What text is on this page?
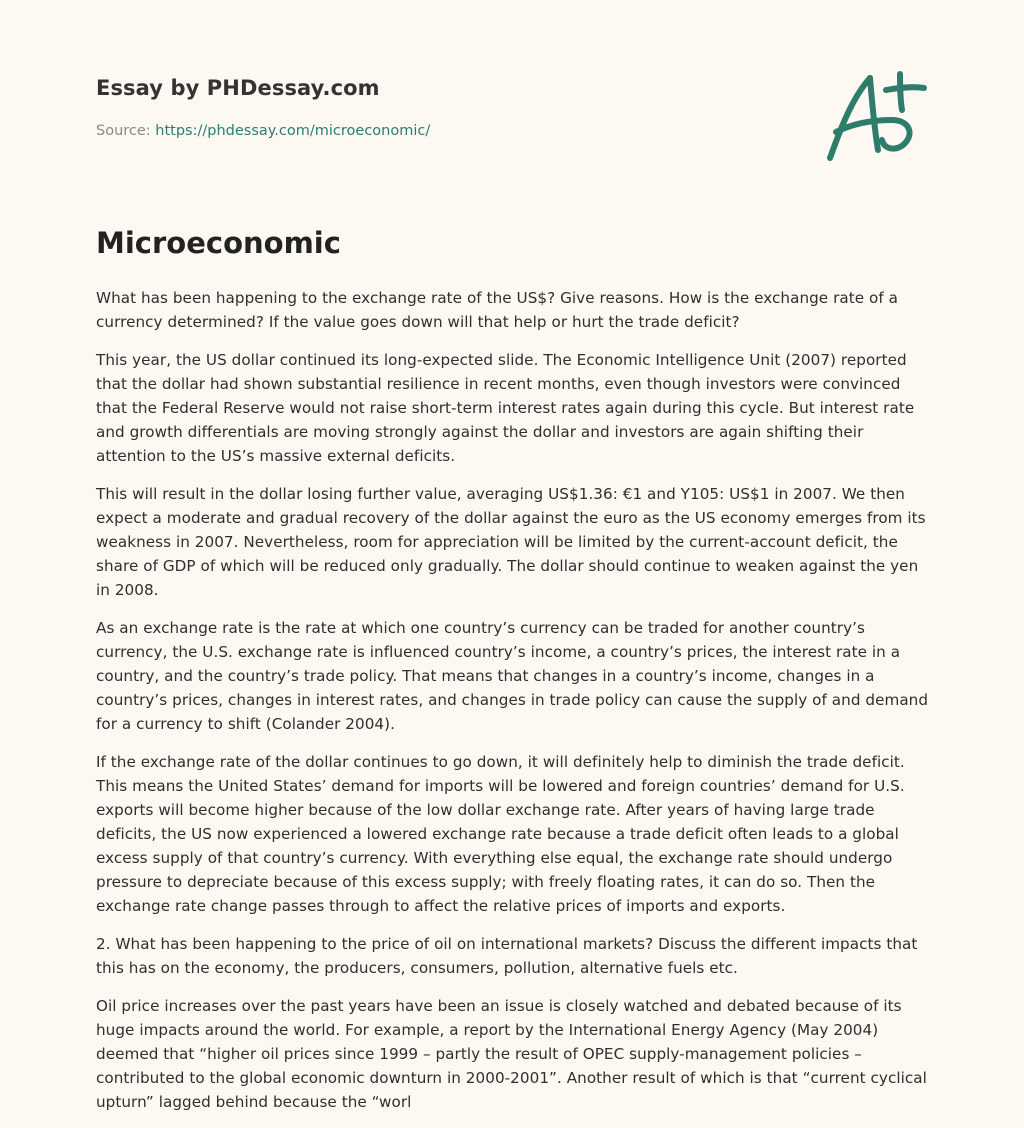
Essay by PHDessay.com
Source: https://phdessay.com/microeconomic/
Microeconomic

What has been happening to the exchange rate of the US$? Give reasons. How is the exchange rate of a currency determined? If the value goes down will that help or hurt the trade deficit?

This year, the US dollar continued its long-expected slide. The Economic Intelligence Unit (2007) reported that the dollar had shown substantial resilience in recent months, even though investors were convinced that the Federal Reserve would not raise short-term interest rates again during this cycle. But interest rate and growth differentials are moving strongly against the dollar and investors are again shifting their attention to the US’s massive external deficits.

This will result in the dollar losing further value, averaging US$1.36: €1 and Y105: US$1 in 2007. We then expect a moderate and gradual recovery of the dollar against the euro as the US economy emerges from its weakness in 2007. Nevertheless, room for appreciation will be limited by the current-account deficit, the share of GDP of which will be reduced only gradually. The dollar should continue to weaken against the yen in 2008.

As an exchange rate is the rate at which one country’s currency can be traded for another country’s currency, the U.S. exchange rate is influenced country’s income, a country’s prices, the interest rate in a country, and the country’s trade policy. That means that changes in a country’s income, changes in a country’s prices, changes in interest rates, and changes in trade policy can cause the supply of and demand for a currency to shift (Colander 2004).

If the exchange rate of the dollar continues to go down, it will definitely help to diminish the trade deficit. This means the United States’ demand for imports will be lowered and foreign countries’ demand for U.S. exports will become higher because of the low dollar exchange rate. After years of having large trade deficits, the US now experienced a lowered exchange rate because a trade deficit often leads to a global excess supply of that country’s currency. With everything else equal, the exchange rate should undergo pressure to depreciate because of this excess supply; with freely floating rates, it can do so. Then the exchange rate change passes through to affect the relative prices of imports and exports.

2. What has been happening to the price of oil on international markets? Discuss the different impacts that this has on the economy, the producers, consumers, pollution, alternative fuels etc.

Oil price increases over the past years have been an issue is closely watched and debated because of its huge impacts around the world. For example, a report by the International Energy Agency (May 2004) deemed that “higher oil prices since 1999 – partly the result of OPEC supply-management policies – contributed to the global economic downturn in 2000-2001”. Another result of which is that “current cyclical upturn” lagged behind because the “worl
